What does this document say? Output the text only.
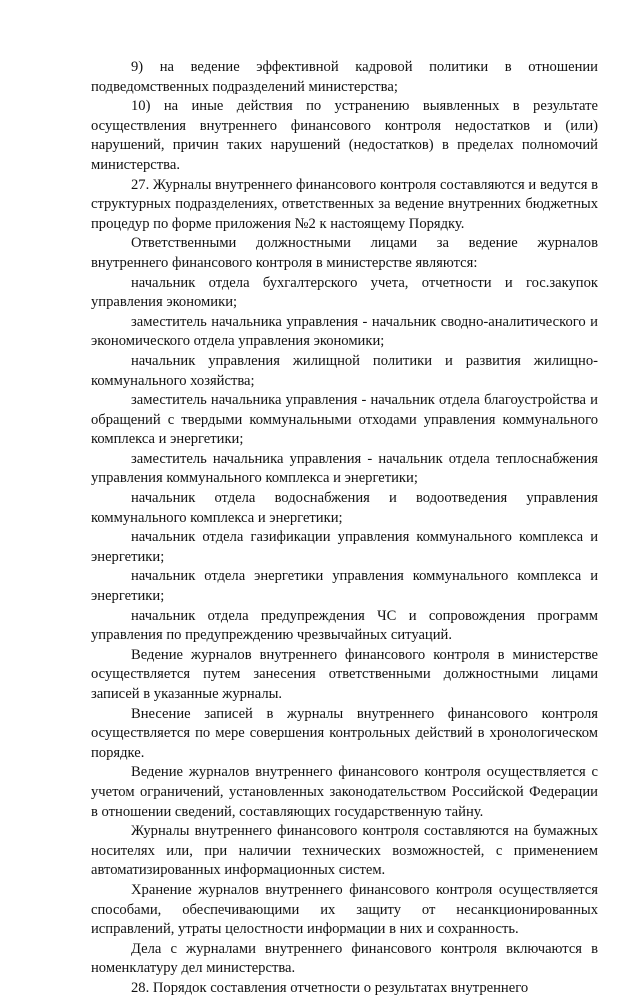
9) на ведение эффективной кадровой политики в отношении подведомственных подразделений министерства;

10) на иные действия по устранению выявленных в результате осуществления внутреннего финансового контроля недостатков и (или) нарушений, причин таких нарушений (недостатков) в пределах полномочий министерства.

27. Журналы внутреннего финансового контроля составляются и ведутся в структурных подразделениях, ответственных за ведение внутренних бюджетных процедур по форме приложения №2 к настоящему Порядку.

Ответственными должностными лицами за ведение журналов внутреннего финансового контроля в министерстве являются:

начальник отдела бухгалтерского учета, отчетности и гос.закупок управления экономики;

заместитель начальника управления - начальник сводно-аналитического и экономического отдела управления экономики;

начальник управления жилищной политики и развития жилищно-коммунального хозяйства;

заместитель начальника управления - начальник отдела благоустройства и обращений с твердыми коммунальными отходами управления коммунального комплекса и энергетики;

заместитель начальника управления - начальник отдела теплоснабжения управления коммунального комплекса и энергетики;

начальник отдела водоснабжения и водоотведения управления коммунального комплекса и энергетики;

начальник отдела газификации управления коммунального комплекса и энергетики;

начальник отдела энергетики управления коммунального комплекса и энергетики;

начальник отдела предупреждения ЧС и сопровождения программ управления по предупреждению чрезвычайных ситуаций.

Ведение журналов внутреннего финансового контроля в министерстве осуществляется путем занесения ответственными должностными лицами записей в указанные журналы.

Внесение записей в журналы внутреннего финансового контроля осуществляется по мере совершения контрольных действий в хронологическом порядке.

Ведение журналов внутреннего финансового контроля осуществляется с учетом ограничений, установленных законодательством Российской Федерации в отношении сведений, составляющих государственную тайну.

Журналы внутреннего финансового контроля составляются на бумажных носителях или, при наличии технических возможностей, с применением автоматизированных информационных систем.

Хранение журналов внутреннего финансового контроля осуществляется способами, обеспечивающими их защиту от несанкционированных исправлений, утраты целостности информации в них и сохранность.

Дела с журналами внутреннего финансового контроля включаются в номенклатуру дел министерства.

28. Порядок составления отчетности о результатах внутреннего
